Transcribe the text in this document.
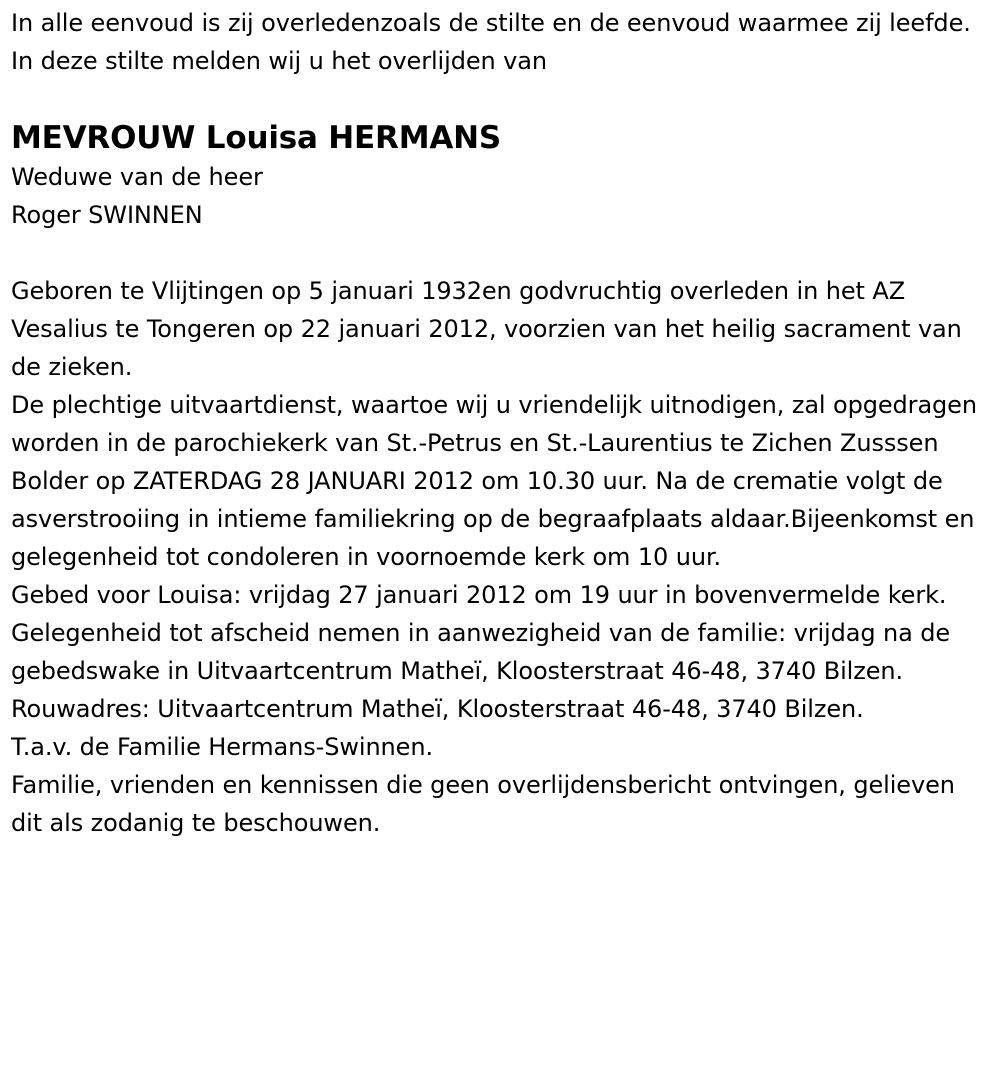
In alle eenvoud is zij overledenzoals de stilte en de eenvoud waarmee zij leefde.

In deze stilte melden wij u het overlijden van

MEVROUW Louisa HERMANS

Weduwe van de heer

Roger SWINNEN

Geboren te Vlijtingen op 5 januari 1932en godvruchtig overleden in het AZ Vesalius te Tongeren op 22 januari 2012, voorzien van het heilig sacrament van de zieken.

De plechtige uitvaartdienst, waartoe wij u vriendelijk uitnodigen, zal opgedragen worden in de parochiekerk van St.-Petrus en St.-Laurentius te Zichen Zusssen Bolder op ZATERDAG 28 JANUARI 2012 om 10.30 uur. Na de crematie volgt de asverstrooiing in intieme familiekring op de begraafplaats aldaar.Bijeenkomst en gelegenheid tot condoleren in voornoemde kerk om 10 uur.

Gebed voor Louisa: vrijdag 27 januari 2012 om 19 uur in bovenvermelde kerk.

Gelegenheid tot afscheid nemen in aanwezigheid van de familie: vrijdag na de gebedswake in Uitvaartcentrum Matheï, Kloosterstraat 46-48, 3740 Bilzen.

Rouwadres: Uitvaartcentrum Matheï, Kloosterstraat 46-48, 3740 Bilzen.

T.a.v. de Familie Hermans-Swinnen.

Familie, vrienden en kennissen die geen overlijdensbericht ontvingen, gelieven dit als zodanig te beschouwen.
